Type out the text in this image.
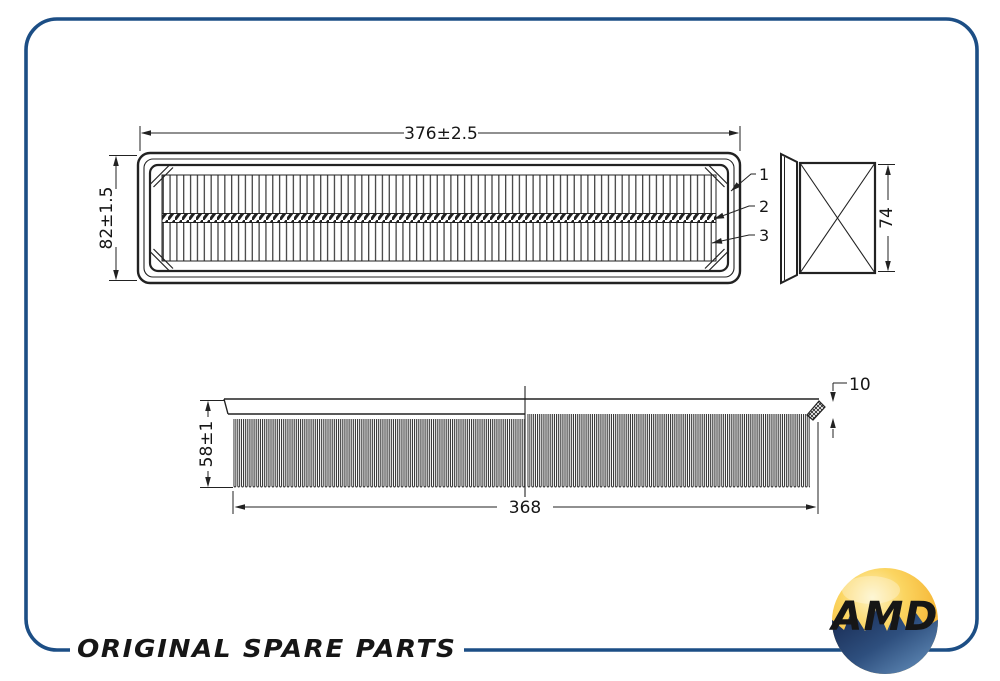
376±2.5
82±1.5
1
2
3
74
58±1
368
10
ORIGINAL SPARE PARTS
AMD
